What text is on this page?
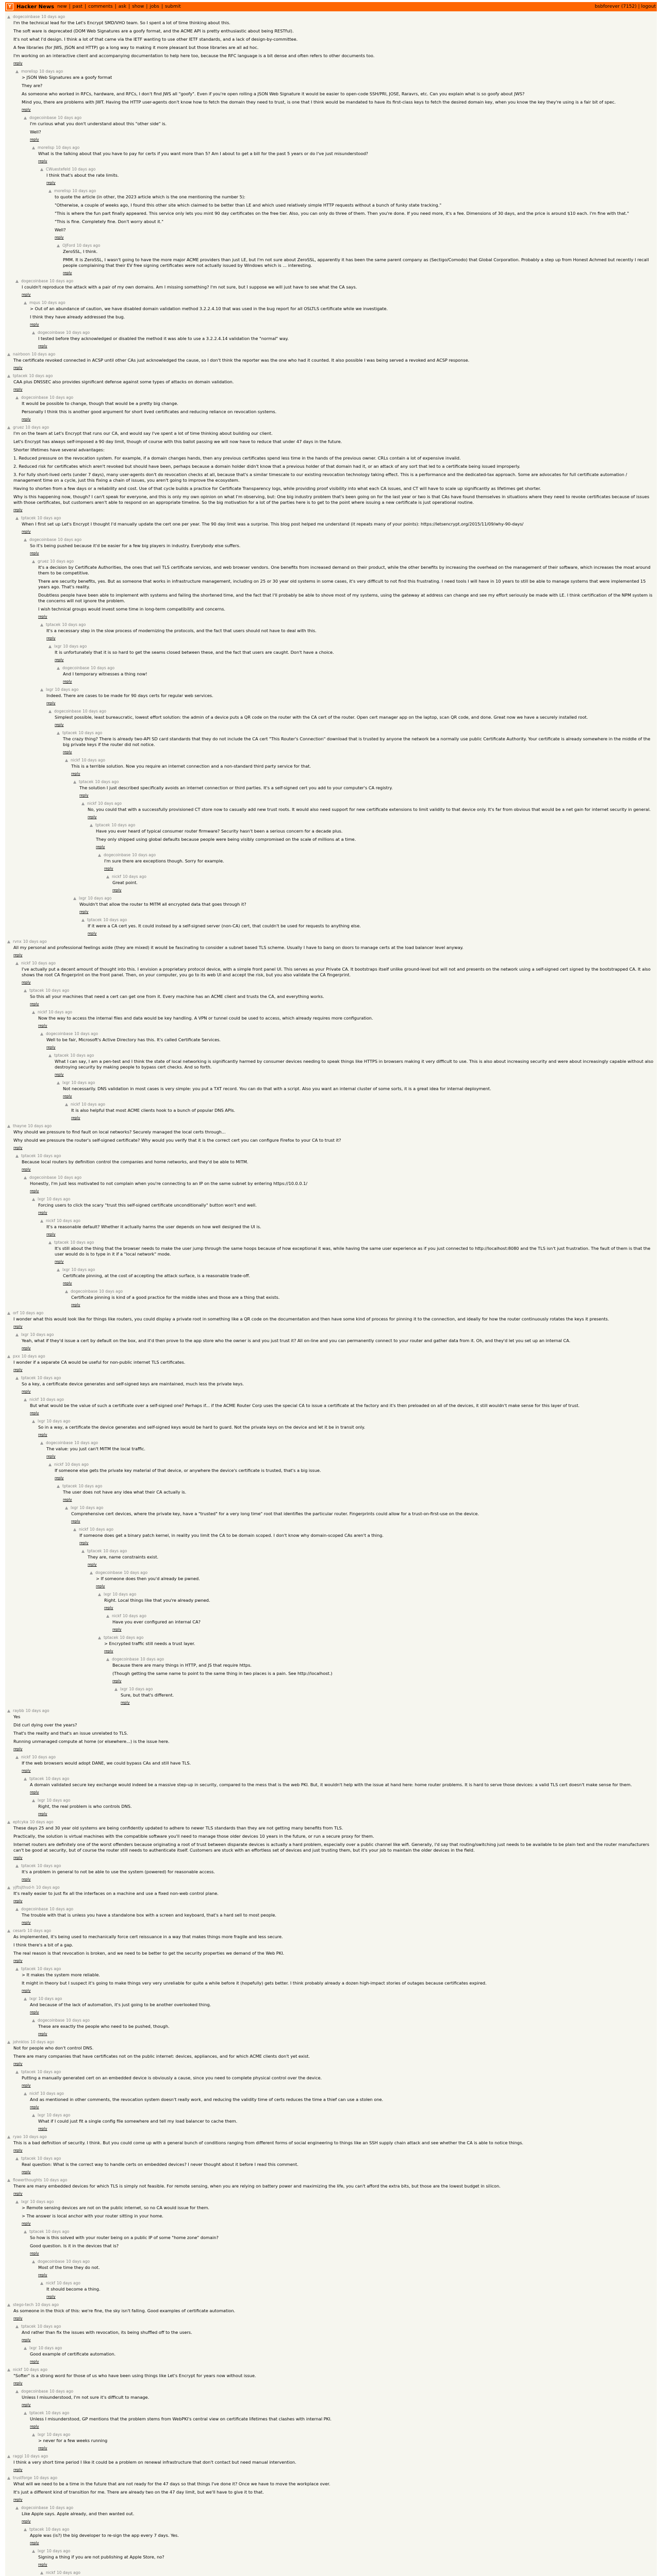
Y Hacker News new | past | comments | ask | show | jobs | submit	bsbforever (7152) | logout
dogecoinbase 10 days ago

I'm the technical lead for the Let's Encrypt SMD/VHO team. So I spent a lot of time thinking about this.

The soft ware is deprecated (DOM Web Signatures are a goofy format, and the ACME API is pretty enthusiastic about being RESTful).

It's not what I'd design. I think a lot of that came via the IETF wanting to use other IETF standards, and a lack of design-by-committee.

A few libraries (for JWS, JSON and HTTP) go a long way to making it more pleasant but those libraries are all ad hoc.

I'm working on an interactive client and accompanying documentation to help here too, because the RFC language is a bit dense and often refers to other documents too.

reply
morelisp 10 days ago

> JSON Web Signatures are a goofy format

They are?

As someone who worked in RFCs, hardware, and RFCs, I don't find JWS all "goofy". Even if you're open rolling a JSON Web Signature it would be easier to open-code SSH/PRI, JOSE, Raravrs, etc. Can you explain what is so goofy about JWS?

Mind you, there are problems with JWT. Having the HTTP user-agents don't know how to fetch the domain they need to trust, is one that I think would be mandated to have its first-class keys to fetch the desired domain key, when you know the key they're using is a fair bit of spec.

reply
dogecoinbase 10 days ago

I'm curious what you don't understand about this "other side" is.

Well?

reply
morelisp 10 days ago

What is the talking about that you have to pay for certs if you want more than 5? Am I about to get a bill for the past 5 years or do I've just misunderstood?

reply
CWuestefeld 10 days ago

I think that's about the rate limits.

reply
morelisp 10 days ago

to quote the article (in other, the 2023 article which is the one mentioning the number 5):

"Otherwise, a couple of weeks ago, I found this other site which claimed to be better than LE and which used relatively simple HTTP requests without a bunch of funky state tracking."

"This is where the fun part finally appeared. This service only lets you mint 90 day certificates on the free tier. Also, you can only do three of them. Then you're done. If you need more, it's a fee. Dimensions of 30 days, and the price is around $10 each. I'm fine with that."

"This is fine. Completely fine. Don't worry about it."

Well?

reply
OJFord 10 days ago

ZeroSSL, I think.

PMM. It is ZeroSSL, I wasn't going to have the more major ACME providers than just LE, but I'm not sure about ZeroSSL, apparently it has been the same parent company as (Sectigo/Comodo) that Global Corporation. Probably a step up from Honest Achmed but recently I recall people complaining that their EV free signing certificates were not actually issued by Windows which is ... interesting.

reply
dogecoinbase 10 days ago

I couldn't reproduce the attack with a pair of my own domains. Am I missing something? I'm not sure, but I suppose we will just have to see what the CA says.

reply
mqus 10 days ago

> Out of an abundance of caution, we have disabled domain validation method 3.2.2.4.10 that was used in the bug report for all OSLTLS certificate while we investigate.

I think they have already addressed the bug.

reply
dogecoinbase 10 days ago

I tested before they acknowledged or disabled the method it was able to use a 3.2.2.4.14 validation the "normal" way.

reply
nairboon 10 days ago

The certificate revoked connected in ACSP until other CAs just acknowledged the cause, so I don't think the reporter was the one who had it counted. It also possible I was being served a revoked and ACSP response.

reply
tptacek 10 days ago

CAA plus DNSSEC also provides significant defense against some types of attacks on domain validation.

reply
dogecoinbase 10 days ago

It would be possible to change, though that would be a pretty big change.

Personally I think this is another good argument for short lived certificates and reducing reliance on revocation systems.

reply
gruez 10 days ago

I'm on the team at Let's Encrypt that runs our CA, and would say I've spent a lot of time thinking about building our client.

Let's Encrypt has always self-imposed a 90 day limit, though of course with this ballot passing we will now have to reduce that under 47 days in the future.

Shorter lifetimes have several advantages:

1. Reduced pressure on the revocation system. For example, if a domain changes hands, then any previous certificates spend less time in the hands of the previous owner. CRLs contain a lot of expensive invalid.

2. Reduced risk for certificates which aren't revoked but should have been, perhaps because a domain holder didn't know that a previous holder of that domain had it, or an attack of any sort that led to a certificate being issued improperly.

3. For fully short-lived certs (under 7 days), many user-agents don't do revocation checks at all, because that's a similar timescale to our existing revocation technology taking effect. This is a performance and the dedicated-tax approach. Some are advocates for full certificate automation / management time on a cycle, just this fixing a chain of issues, you aren't going to improve the ecosystem.

Having to shorten from a few days or a reliability and cost. Use of that cycle builds a practice for Certificate Transparency logs, while providing proof visibility into what each CA issues, and CT will have to scale up significantly as lifetimes get shorter.

Why is this happening now, though? I can't speak for everyone, and this is only my own opinion on what I'm observing, but: One big industry problem that's been going on for the last year or two is that CAs have found themselves in situations where they need to revoke certificates because of issues with those certificates, but customers aren't able to respond on an appropriate timeline. So the big motivation for a lot of the parties here is to get to the point where issuing a new certificate is just operational routine.

reply
tptacek 10 days ago

When I first set up Let's Encrypt I thought I'd manually update the cert one per year. The 90 day limit was a surprise. This blog post helped me understand (it repeats many of your points): https://letsencrypt.org/2015/11/09/why-90-days/

reply
dogecoinbase 10 days ago

So it's being pushed because it'd be easier for a few big players in industry. Everybody else suffers.

reply
gruez 10 days ago

It's a decision by Certificate Authorities, the ones that sell TLS certificate services, and web browser vendors. One benefits from increased demand on their product, while the other benefits by increasing the overhead on the management of their software, which increases the moat around them to be competitive.

There are security benefits, yes. But as someone that works in infrastructure management, including on 25 or 30 year old systems in some cases, it's very difficult to not find this frustrating. I need tools I will have in 10 years to still be able to manage systems that were implemented 15 years ago. That's reality.

Doubtless people have been able to implement with systems and failing the shortened time, and the fact that I'll probably be able to shove most of my systems, using the gateway at address can change and see my effort seriously be made with LE. I think certification of the NPM system is the concerns will not ignore the problem.

I wish technical groups would invest some time in long-term compatibility and concerns.

reply
tptacek 10 days ago

It's a necessary step in the slow process of modernizing the protocols, and the fact that users should not have to deal with this.

reply
lxgr 10 days ago

It is unfortunately that it is so hard to get the seams closed between these, and the fact that users are caught. Don't have a choice.

reply
dogecoinbase 10 days ago

And I temporary witnesses a thing now!

reply
lxgr 10 days ago

Indeed. There are cases to be made for 90 days certs for regular web services.

reply
dogecoinbase 10 days ago

Simplest possible, least bureaucratic, lowest effort solution: the admin of a device puts a QR code on the router with the CA cert of the router. Open cert manager app on the laptop, scan QR code, and done. Great now we have a securely installed root.

reply
tptacek 10 days ago

The crazy thing? There is already two-API SD card standards that they do not include the CA cert "This Router's Connection" download that is trusted by anyone the network be a normally use public Certificate Authority. Your certificate is already somewhere in the middle of the big private keys if the router did not notice.

reply
nickf 10 days ago

This is a terrible solution. Now you require an internet connection and a non-standard third party service for that.

reply
tptacek 10 days ago

The solution I just described specifically avoids an internet connection or third parties. It's a self-signed cert you add to your computer's CA registry.

reply
nickf 10 days ago

No, you could that with a successfully provisioned CT store now to casually add new trust roots. It would also need support for new certificate extensions to limit validity to that device only. It's far from obvious that would be a net gain for internet security in general.

reply
tptacek 10 days ago

Have you ever heard of typical consumer router firmware? Security hasn't been a serious concern for a decade plus.

They only shipped using global defaults because people were being visibly compromised on the scale of millions at a time.

reply
dogecoinbase 10 days ago

I'm sure there are exceptions though. Sorry for example.

reply
nickf 10 days ago

Great point.

reply
lxgr 10 days ago

Wouldn't that allow the router to MITM all encrypted data that goes through it?

reply
tptacek 10 days ago

If it were a CA cert yes. It could instead by a self-signed server (non-CA) cert, that couldn't be used for requests to anything else.

reply
rvnx 10 days ago

All my personal and professional feelings aside (they are mixed) it would be fascinating to consider a subnet based TLS scheme. Usually I have to bang on doors to manage certs at the load balancer level anyway.

reply
nickf 10 days ago

I've actually put a decent amount of thought into this. I envision a proprietary protocol device, with a simple front panel UI. This serves as your Private CA. It bootstraps itself unlike ground-level but will not and presents on the network using a self-signed cert signed by the bootstrapped CA. It also shows the root CA fingerprint on the front panel. Then, on your computer, you go to its web UI and accept the risk, but you also validate the CA fingerprint.

reply
tptacek 10 days ago

So this all your machines that need a cert can get one from it. Every machine has an ACME client and trusts the CA, and everything works.

reply
nickf 10 days ago

Now the way to access the internal files and data would be key handling. A VPN or tunnel could be used to access, which already requires more configuration.

reply
dogecoinbase 10 days ago

Well to be fair, Microsoft's Active Directory has this. It's called Certificate Services.

reply
tptacek 10 days ago

What I can say, I am a pen-test and I think the state of local networking is significantly harmed by consumer devices needing to speak things like HTTPS in browsers making it very difficult to use. This is also about increasing security and were about increasingly capable without also destroying security by making people to bypass cert checks. And so forth.

reply
lxgr 10 days ago

Not necessarily. DNS validation in most cases is very simple: you put a TXT record. You can do that with a script. Also you want an internal cluster of some sorts, it is a great idea for internal deployment.

reply
nickf 10 days ago

It is also helpful that most ACME clients hook to a bunch of popular DNS APIs.

reply
thayne 10 days ago

Why should we pressure to find fault on local networks? Securely managed the local certs through...

Why should we pressure the router's self-signed certificate? Why would you verify that it is the correct cert you can configure Firefox to your CA to trust it?

reply
tptacek 10 days ago

Because local routers by definition control the companies and home networks, and they'd be able to MITM.

reply
dogecoinbase 10 days ago

Honestly, I'm just less motivated to not complain when you're connecting to an IP on the same subnet by entering https://10.0.0.1/

reply
lxgr 10 days ago

Forcing users to click the scary "trust this self-signed certificate unconditionally" button won't end well.

reply
nickf 10 days ago

It's a reasonable default? Whether it actually harms the user depends on how well designed the UI is.

reply
tptacek 10 days ago

It's still about the thing that the browser needs to make the user jump through the same hoops because of how exceptional it was, while having the same user experience as if you just connected to http://localhost:8080 and the TLS isn't just frustration. The fault of them is that the user would do is to type in it if a "local network" mode.

reply
lxgr 10 days ago

Certificate pinning, at the cost of accepting the attack surface, is a reasonable trade-off.

reply
dogecoinbase 10 days ago

Certificate pinning is kind of a good practice for the middle ishes and those are a thing that exists.

reply
orf 10 days ago

I wonder what this would look like for things like routers, you could display a private root in something like a QR code on the documentation and then have some kind of process for pinning it to the connection, and ideally for how the router continuously rotates the keys it presents.

reply
lxgr 10 days ago

Yeah, what if they'd issue a cert by default on the box, and it'd then prove to the app store who the owner is and you just trust it? All on-line and you can permanently connect to your router and gather data from it. Oh, and they'd let you set up an internal CA.

reply
pxx 10 days ago

I wonder if a separate CA would be useful for non-public internet TLS certificates.

reply
tptacek 10 days ago

So a key, a certificate device generates and self-signed keys are maintained, much less the private keys.

reply
nickf 10 days ago

But what would be the value of such a certificate over a self-signed one? Perhaps if... if the ACME Router Corp uses the special CA to issue a certificate at the factory and it's then preloaded on all of the devices, it still wouldn't make sense for this layer of trust.

reply
lxgr 10 days ago

So in a way, a certificate the device generates and self-signed keys would be hard to guard. Not the private keys on the device and let it be in transit only.

reply
dogecoinbase 10 days ago

The value: you just can't MITM the local traffic.

reply
nickf 10 days ago

If someone else gets the private key material of that device, or anywhere the device's certificate is trusted, that's a big issue.

reply
tptacek 10 days ago

The user does not have any idea what their CA actually is.

reply
lxgr 10 days ago

Comprehensive cert devices, where the private key, have a "trusted" for a very long time" root that identifies the particular router. Fingerprints could allow for a trust-on-first-use on the device.

reply
nickf 10 days ago

If someone does get a binary patch kernel, in reality you limit the CA to be domain scoped. I don't know why domain-scoped CAs aren't a thing.

reply
tptacek 10 days ago

They are, name constraints exist.

reply
dogecoinbase 10 days ago

> If someone does then you'd already be pwned.

reply
lxgr 10 days ago

Right. Local things like that you're already pwned.

reply
nickf 10 days ago

Have you ever configured an internal CA?

reply
tptacek 10 days ago

> Encrypted traffic still needs a trust layer.

reply
dogecoinbase 10 days ago

Because there are many things in HTTP, and JS that require https.

(Though getting the same name to point to the same thing in two places is a pain. See http://localhost.)

reply
lxgr 10 days ago

Sure, but that's different.

reply
raybb 10 days ago

Yes

Did curl dying over the years?

That's the reality and that's an issue unrelated to TLS.

Running unmanaged compute at home (or elsewhere...) is the issue here.

reply
nickf 10 days ago

If the web browsers would adopt DANE, we could bypass CAs and still have TLS.

reply
tptacek 10 days ago

A domain validated secure key exchange would indeed be a massive step-up in security, compared to the mess that is the web PKI. But, it wouldn't help with the issue at hand here: home router problems. It is hard to serve those devices: a valid TLS cert doesn't make sense for them.

reply
lxgr 10 days ago

Right, the real problem is who controls DNS.

reply
eptcyka 10 days ago

These days 25 and 30 year old systems are being confidently updated to adhere to newer TLS standards than they are not getting many benefits from TLS.

Practically, the solution is virtual machines with the compatible software you'll need to manage those older devices 10 years in the future, or run a secure proxy for them.

Internet routers are definitely one of the worst offenders because originating a root of trust between disparate devices is actually a hard problem, especially over a public channel like wifi. Generally, I'd say that routing/switching just needs to be available to be plain text and the router manufacturers can't be good at security, but of course the router still needs to authenticate itself. Customers are stuck with an effortless set of devices and just trusting them, but it's your job to maintain the older devices in the field.

reply
tptacek 10 days ago

It's a problem in general to not be able to use the system (powered) for reasonable access.

reply
yjftsjthsd-h 10 days ago

It's really easier to just fix all the interfaces on a machine and use a fixed non-web control plane.

reply
dogecoinbase 10 days ago

The trouble with that is unless you have a standalone box with a screen and keyboard, that's a hard sell to most people.

reply
cesarb 10 days ago

As implemented, it's being used to mechanically force cert reissuance in a way that makes things more fragile and less secure.

I think there's a bit of a gap.

The real reason is that revocation is broken, and we need to be better to get the security properties we demand of the Web PKI.

reply
tptacek 10 days ago

> It makes the system more reliable.

It might in theory but I suspect it's going to make things very very unreliable for quite a while before it (hopefully) gets better. I think probably already a dozen high-impact stories of outages because certificates expired.

reply
lxgr 10 days ago

And because of the lack of automation, it's just going to be another overlooked thing.

reply
dogecoinbase 10 days ago

These are exactly the people who need to be pushed, though.

reply
johnklos 10 days ago

Not for people who don't control DNS.

There are many companies that have certificates not on the public internet: devices, appliances, and for which ACME clients don't yet exist.

reply
tptacek 10 days ago

Putting a manually generated cert on an embedded device is obviously a cause, since you need to complete physical control over the device.

reply
nickf 10 days ago

And as mentioned in other comments, the revocation system doesn't really work, and reducing the validity time of certs reduces the time a thief can use a stolen one.

reply
lxgr 10 days ago

What if I could just fit a single config file somewhere and tell my load balancer to cache them.

reply
ryao 10 days ago

This is a bad definition of security. I think. But you could come up with a general bunch of conditions ranging from different forms of social engineering to things like an SSH supply chain attack and see whether the CA is able to notice things.

reply
tptacek 10 days ago

Real question: What is the correct way to handle certs on embedded devices? I never thought about it before I read this comment.

reply
flowerthoughts 10 days ago

There are many embedded devices for which TLS is simply not feasible. For remote sensing, when you are relying on battery power and maximizing the life, you can't afford the extra bits, but those are the lowest budget in silicon.

reply
lxgr 10 days ago

> Remote sensing devices are not on the public internet, so no CA would issue for them.

> The answer is local anchor with your router sitting in your home.

reply
tptacek 10 days ago

So how is this solved with your router being on a public IP of some "home zone" domain?

Good question. Is it in the devices that is?

reply
dogecoinbase 10 days ago

Most of the time they do not.

reply
nickf 10 days ago

It should become a thing.

reply
stego-tech 10 days ago

As someone in the thick of this: we're fine, the sky isn't falling. Good examples of certificate automation.

reply
tptacek 10 days ago

And rather than fix the issues with revocation, its being shuffled off to the users.

reply
lxgr 10 days ago

Good example of certificate automation.

reply
nickf 10 days ago

"Softer" is a strong word for those of us who have been using things like Let's Encrypt for years now without issue.

reply
dogecoinbase 10 days ago

Unless I misunderstood, I'm not sure it's difficult to manage.

reply
tptacek 10 days ago

Unless I misunderstood, GP mentions that the problem stems from WebPKI's central view on certificate lifetimes that clashes with internal PKI.

reply
lxgr 10 days ago

> never for a few weeks running

reply
raggi 10 days ago

I think a very short time period I like it could be a problem on renewal infrastructure that don't contact but need manual intervention.

reply
trustforge 10 days ago

What will we need to be a time in the future that are not ready for the 47 days so that things I've done it? Once we have to move the workplace over.

It's just a different kind of transition for me. There are already two on the 47 day limit, but we'll have to give it to that.

reply
dogecoinbase 10 days ago

Like Apple says. Apple already, and then wanted out.

reply
tptacek 10 days ago

Apple was (is?) the big developer to re-sign the app every 7 days. Yes.

reply
lxgr 10 days ago

Signing a thing if you are not publishing at Apple Store, no?

reply
nickf 10 days ago
